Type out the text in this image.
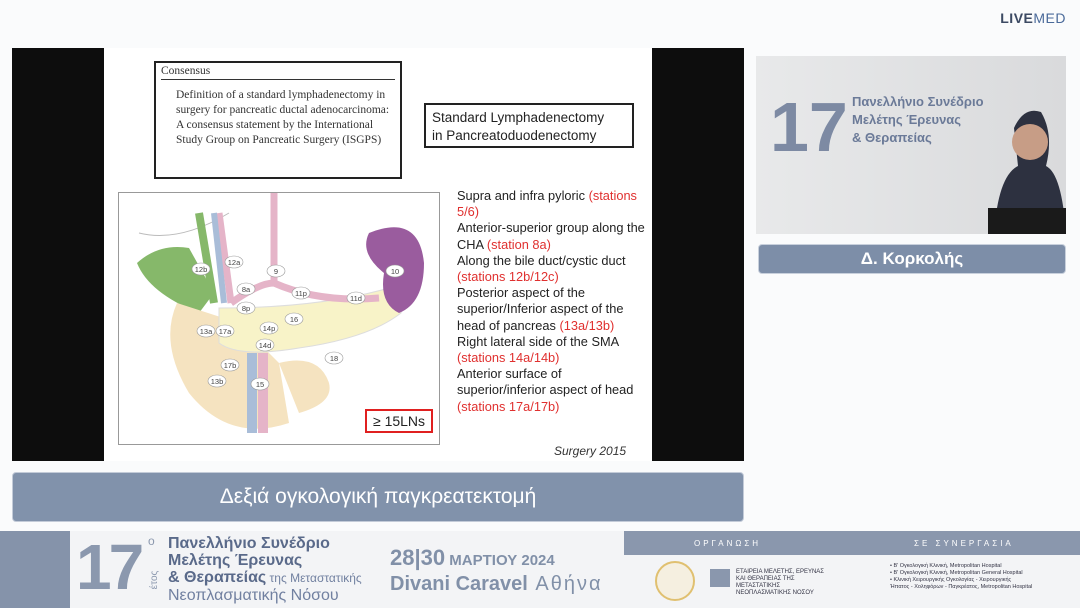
LIVEMED
Consensus
Definition of a standard lymphadenectomy in surgery for pancreatic ductal adenocarcinoma: A consensus statement by the International Study Group on Pancreatic Surgery (ISGPS)
Standard Lymphadenectomy
in Pancreatoduodenectomy
12a
12b
8a
8p
9	10
11p
11d
13a 17a	14p
16
14d
18
17b
13b	15
≥ 15LNs
Supra and infra pyloric (stations 5/6)
Anterior-superior group along the CHA (station 8a)
Along the bile duct/cystic duct (stations 12b/12c)
Posterior aspect of the superior/Inferior aspect of the head of pancreas (13a/13b)
Right lateral side of the SMA (stations 14a/14b)
Anterior surface of superior/inferior aspect of head (stations 17a/17b)
Surgery 2015
17 Πανελλήνιο Συνέδριο
Μελέτης Έρευνας
& Θεραπείας
Δ. Κορκολής
Δεξιά ογκολογική παγκρεατεκτομή
17 ο
έτος
Πανελλήνιο Συνέδριο
Μελέτης Έρευνας
& Θεραπείας της Μεταστατικής
Νεοπλασματικής Νόσου
28|30 ΜΑΡΤΙΟΥ 2024
Divani Caravel Αθήνα
ΟΡΓΑΝΩΣΗ	ΣΕ ΣΥΝΕΡΓΑΣΙΑ
ΕΤΑΙΡΕΙΑ ΜΕΛΕΤΗΣ, ΕΡΕΥΝΑΣ ΚΑΙ ΘΕΡΑΠΕΙΑΣ ΤΗΣ ΜΕΤΑΣΤΑΤΙΚΗΣ ΝΕΟΠΛΑΣΜΑΤΙΚΗΣ ΝΟΣΟΥ
• Β' Ογκολογική Κλινική, Metropolitan Hospital
• Β' Ογκολογική Κλινική, Metropolitan General Hospital
• Κλινική Χειρουργικής Ογκολογίας - Χειρουργικής
Ήπατος - Χοληφόρων - Παγκρέατος, Metropolitan Hospital
